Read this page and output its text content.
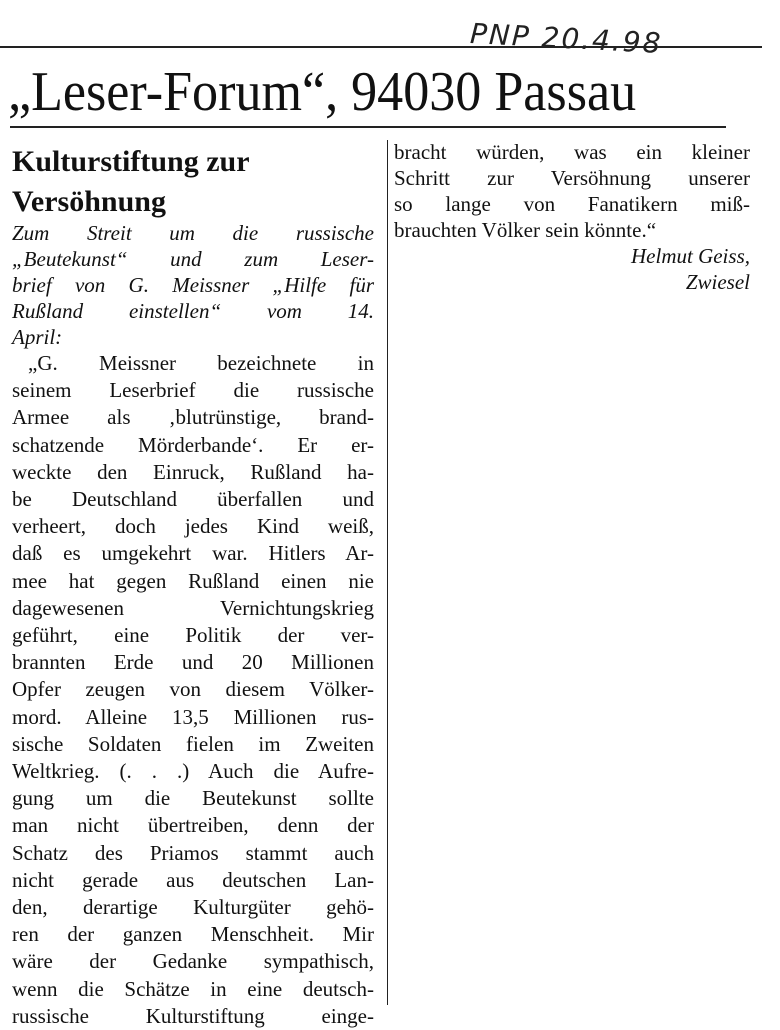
PNP 20.4.98
„Leser-Forum“, 94030 Passau
Kulturstiftung zur
Versöhnung
Zum Streit um die russische
„Beutekunst“ und zum Leser-
brief von G. Meissner „Hilfe für
Rußland einstellen“ vom 14.
April:
„G. Meissner bezeichnete in
seinem Leserbrief die russische
Armee als ‚blutrünstige, brand-
schatzende Mörderbande‘. Er er-
weckte den Einruck, Rußland ha-
be Deutschland überfallen und
verheert, doch jedes Kind weiß,
daß es umgekehrt war. Hitlers Ar-
mee hat gegen Rußland einen nie
dagewesenen Vernichtungskrieg
geführt, eine Politik der ver-
brannten Erde und 20 Millionen
Opfer zeugen von diesem Völker-
mord. Alleine 13,5 Millionen rus-
sische Soldaten fielen im Zweiten
Weltkrieg. (. . .) Auch die Aufre-
gung um die Beutekunst sollte
man nicht übertreiben, denn der
Schatz des Priamos stammt auch
nicht gerade aus deutschen Lan-
den, derartige Kulturgüter gehö-
ren der ganzen Menschheit. Mir
wäre der Gedanke sympathisch,
wenn die Schätze in eine deutsch-
russische Kulturstiftung einge-
bracht würden, was ein kleiner
Schritt zur Versöhnung unserer
so lange von Fanatikern miß-
brauchten Völker sein könnte.“
Helmut Geiss,
Zwiesel
